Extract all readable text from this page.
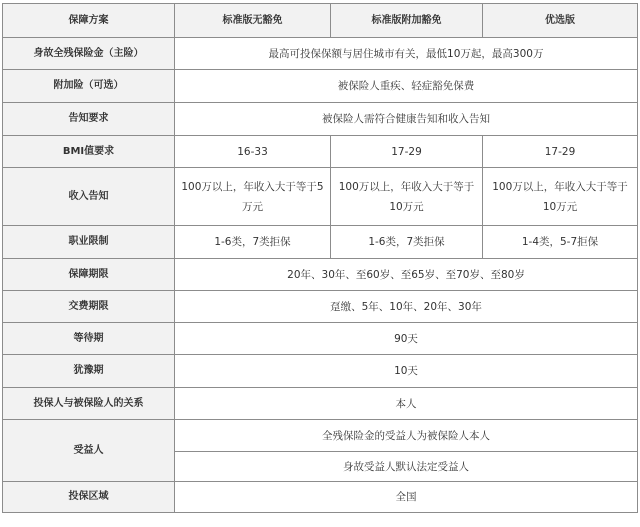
保障方案	标准版无豁免	标准版附加豁免	优选版
身故全残保险金（主险）	最高可投保保额与居住城市有关，最低10万起，最高300万		
附加险（可选）	被保险人重疾、轻症豁免保费		
告知要求	被保险人需符合健康告知和收入告知		
BMI值要求	16-33	17-29	17-29
收入告知	100万以上，年收入大于等于5万元	100万以上，年收入大于等于10万元	100万以上，年收入大于等于10万元
职业限制	1-6类，7类拒保	1-6类，7类拒保	1-4类，5-7拒保
保障期限	20年、30年、至60岁、至65岁、至70岁、至80岁		
交费期限	趸缴、5年、10年、20年、30年		
等待期	90天		
犹豫期	10天		
投保人与被保险人的关系	本人		
受益人	全残保险金的受益人为被保险人本人		
	身故受益人默认法定受益人		
投保区域	全国		
